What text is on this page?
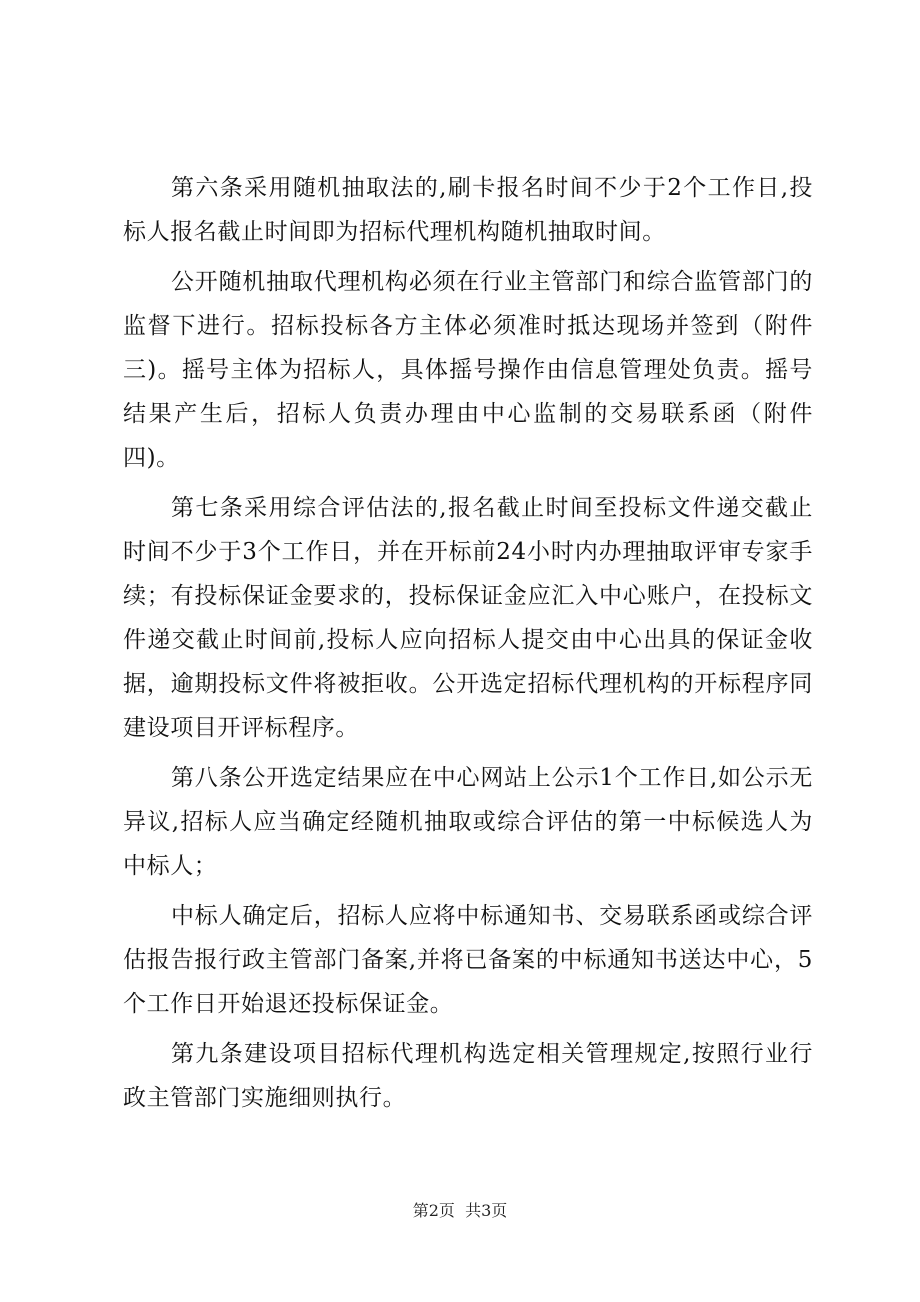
第六条采用随机抽取法的,刷卡报名时间不少于2个工作日,投标人报名截止时间即为招标代理机构随机抽取时间。

公开随机抽取代理机构必须在行业主管部门和综合监管部门的监督下进行。招标投标各方主体必须准时抵达现场并签到（附件三)。摇号主体为招标人，具体摇号操作由信息管理处负责。摇号结果产生后，招标人负责办理由中心监制的交易联系函（附件四)。

第七条采用综合评估法的,报名截止时间至投标文件递交截止时间不少于3个工作日，并在开标前24小时内办理抽取评审专家手续；有投标保证金要求的，投标保证金应汇入中心账户，在投标文件递交截止时间前,投标人应向招标人提交由中心出具的保证金收据，逾期投标文件将被拒收。公开选定招标代理机构的开标程序同建设项目开评标程序。

第八条公开选定结果应在中心网站上公示1个工作日,如公示无异议,招标人应当确定经随机抽取或综合评估的第一中标候选人为中标人；

中标人确定后，招标人应将中标通知书、交易联系函或综合评估报告报行政主管部门备案,并将已备案的中标通知书送达中心，5个工作日开始退还投标保证金。

第九条建设项目招标代理机构选定相关管理规定,按照行业行政主管部门实施细则执行。

第2页  共3页
